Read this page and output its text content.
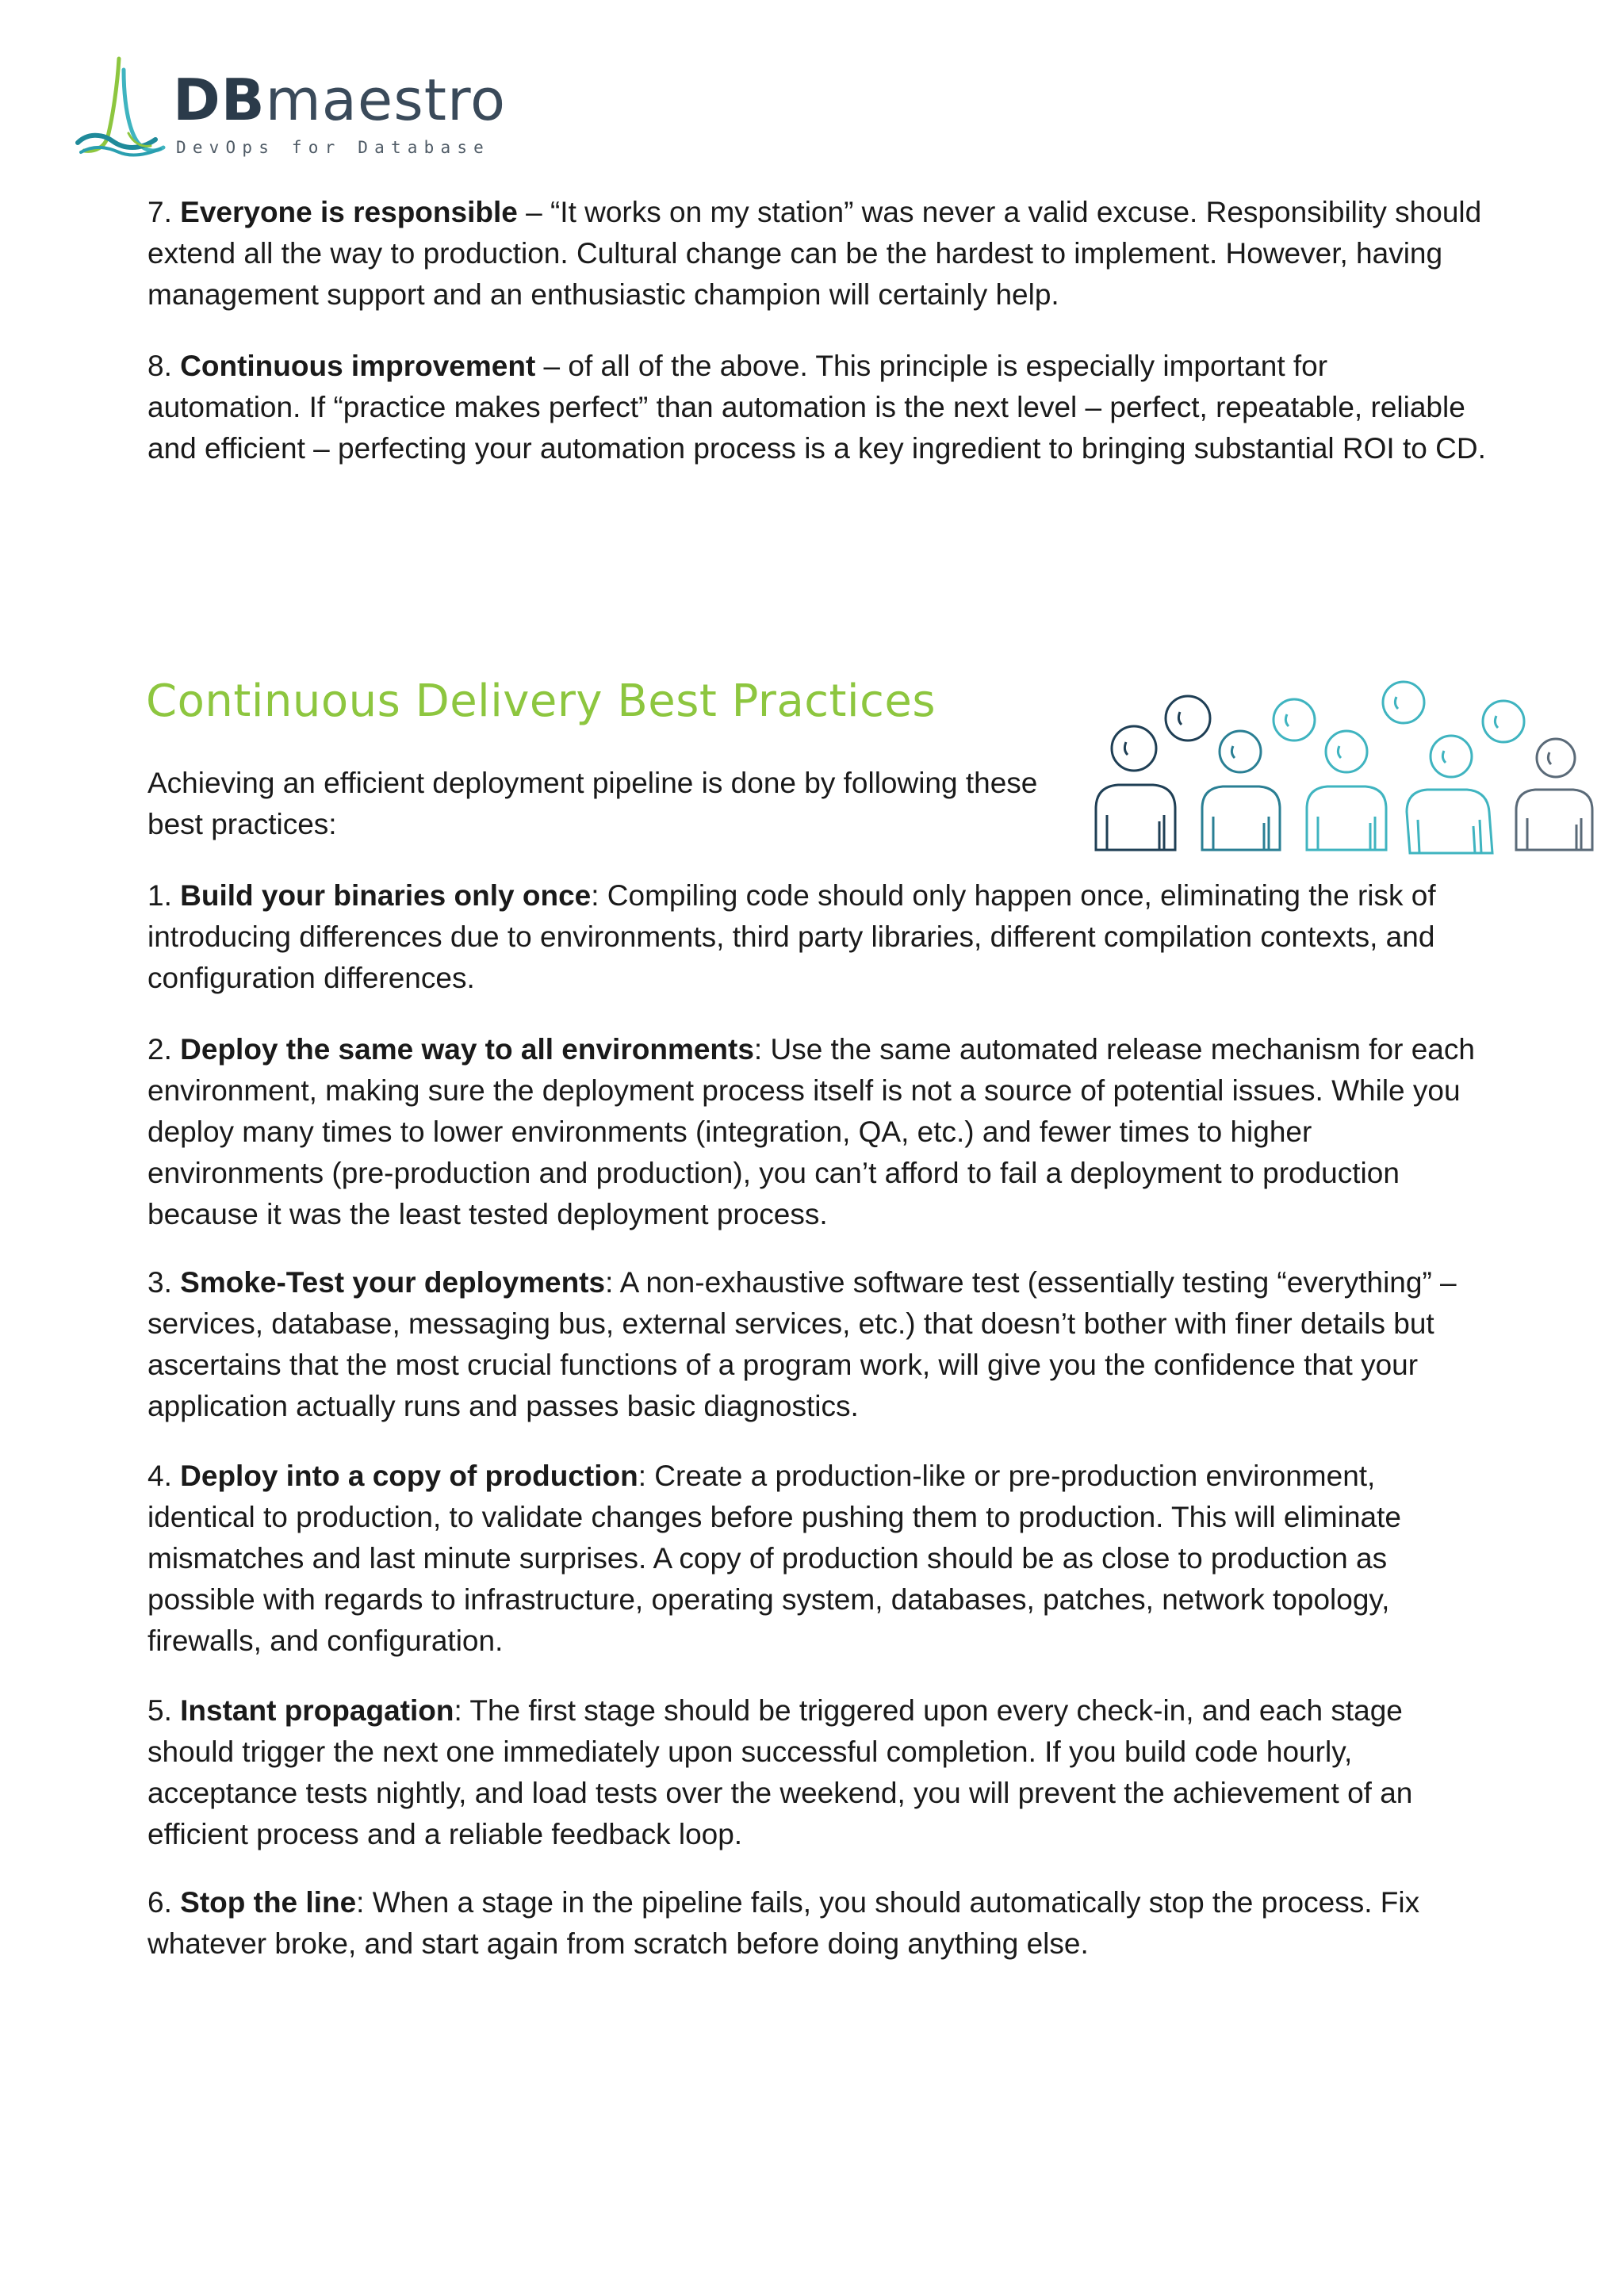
DBmaestro
DevOps for Database

7. Everyone is responsible – “It works on my station” was never a valid excuse. Responsibility should extend all the way to production. Cultural change can be the hardest to implement. However, having management support and an enthusiastic champion will certainly help.

8. Continuous improvement – of all of the above. This principle is especially important for automation. If “practice makes perfect” than automation is the next level – perfect, repeatable, reliable and efficient – perfecting your automation process is a key ingredient to bringing substantial ROI to CD.

Continuous Delivery Best Practices

Achieving an efficient deployment pipeline is done by following these best practices:

1. Build your binaries only once: Compiling code should only happen once, eliminating the risk of introducing differences due to environments, third party libraries, different compilation contexts, and configuration differences.

2. Deploy the same way to all environments: Use the same automated release mechanism for each environment, making sure the deployment process itself is not a source of potential issues. While you deploy many times to lower environments (integration, QA, etc.) and fewer times to higher environments (pre-production and production), you can’t afford to fail a deployment to production because it was the least tested deployment process.

3. Smoke-Test your deployments: A non-exhaustive software test (essentially testing “everything” – services, database, messaging bus, external services, etc.) that doesn’t bother with finer details but ascertains that the most crucial functions of a program work, will give you the confidence that your application actually runs and passes basic diagnostics.

4. Deploy into a copy of production: Create a production-like or pre-production environment, identical to production, to validate changes before pushing them to production. This will eliminate mismatches and last minute surprises. A copy of production should be as close to production as possible with regards to infrastructure, operating system, databases, patches, network topology, firewalls, and configuration.

5. Instant propagation: The first stage should be triggered upon every check-in, and each stage should trigger the next one immediately upon successful completion. If you build code hourly, acceptance tests nightly, and load tests over the weekend, you will prevent the achievement of an efficient process and a reliable feedback loop.

6. Stop the line: When a stage in the pipeline fails, you should automatically stop the process. Fix whatever broke, and start again from scratch before doing anything else.
